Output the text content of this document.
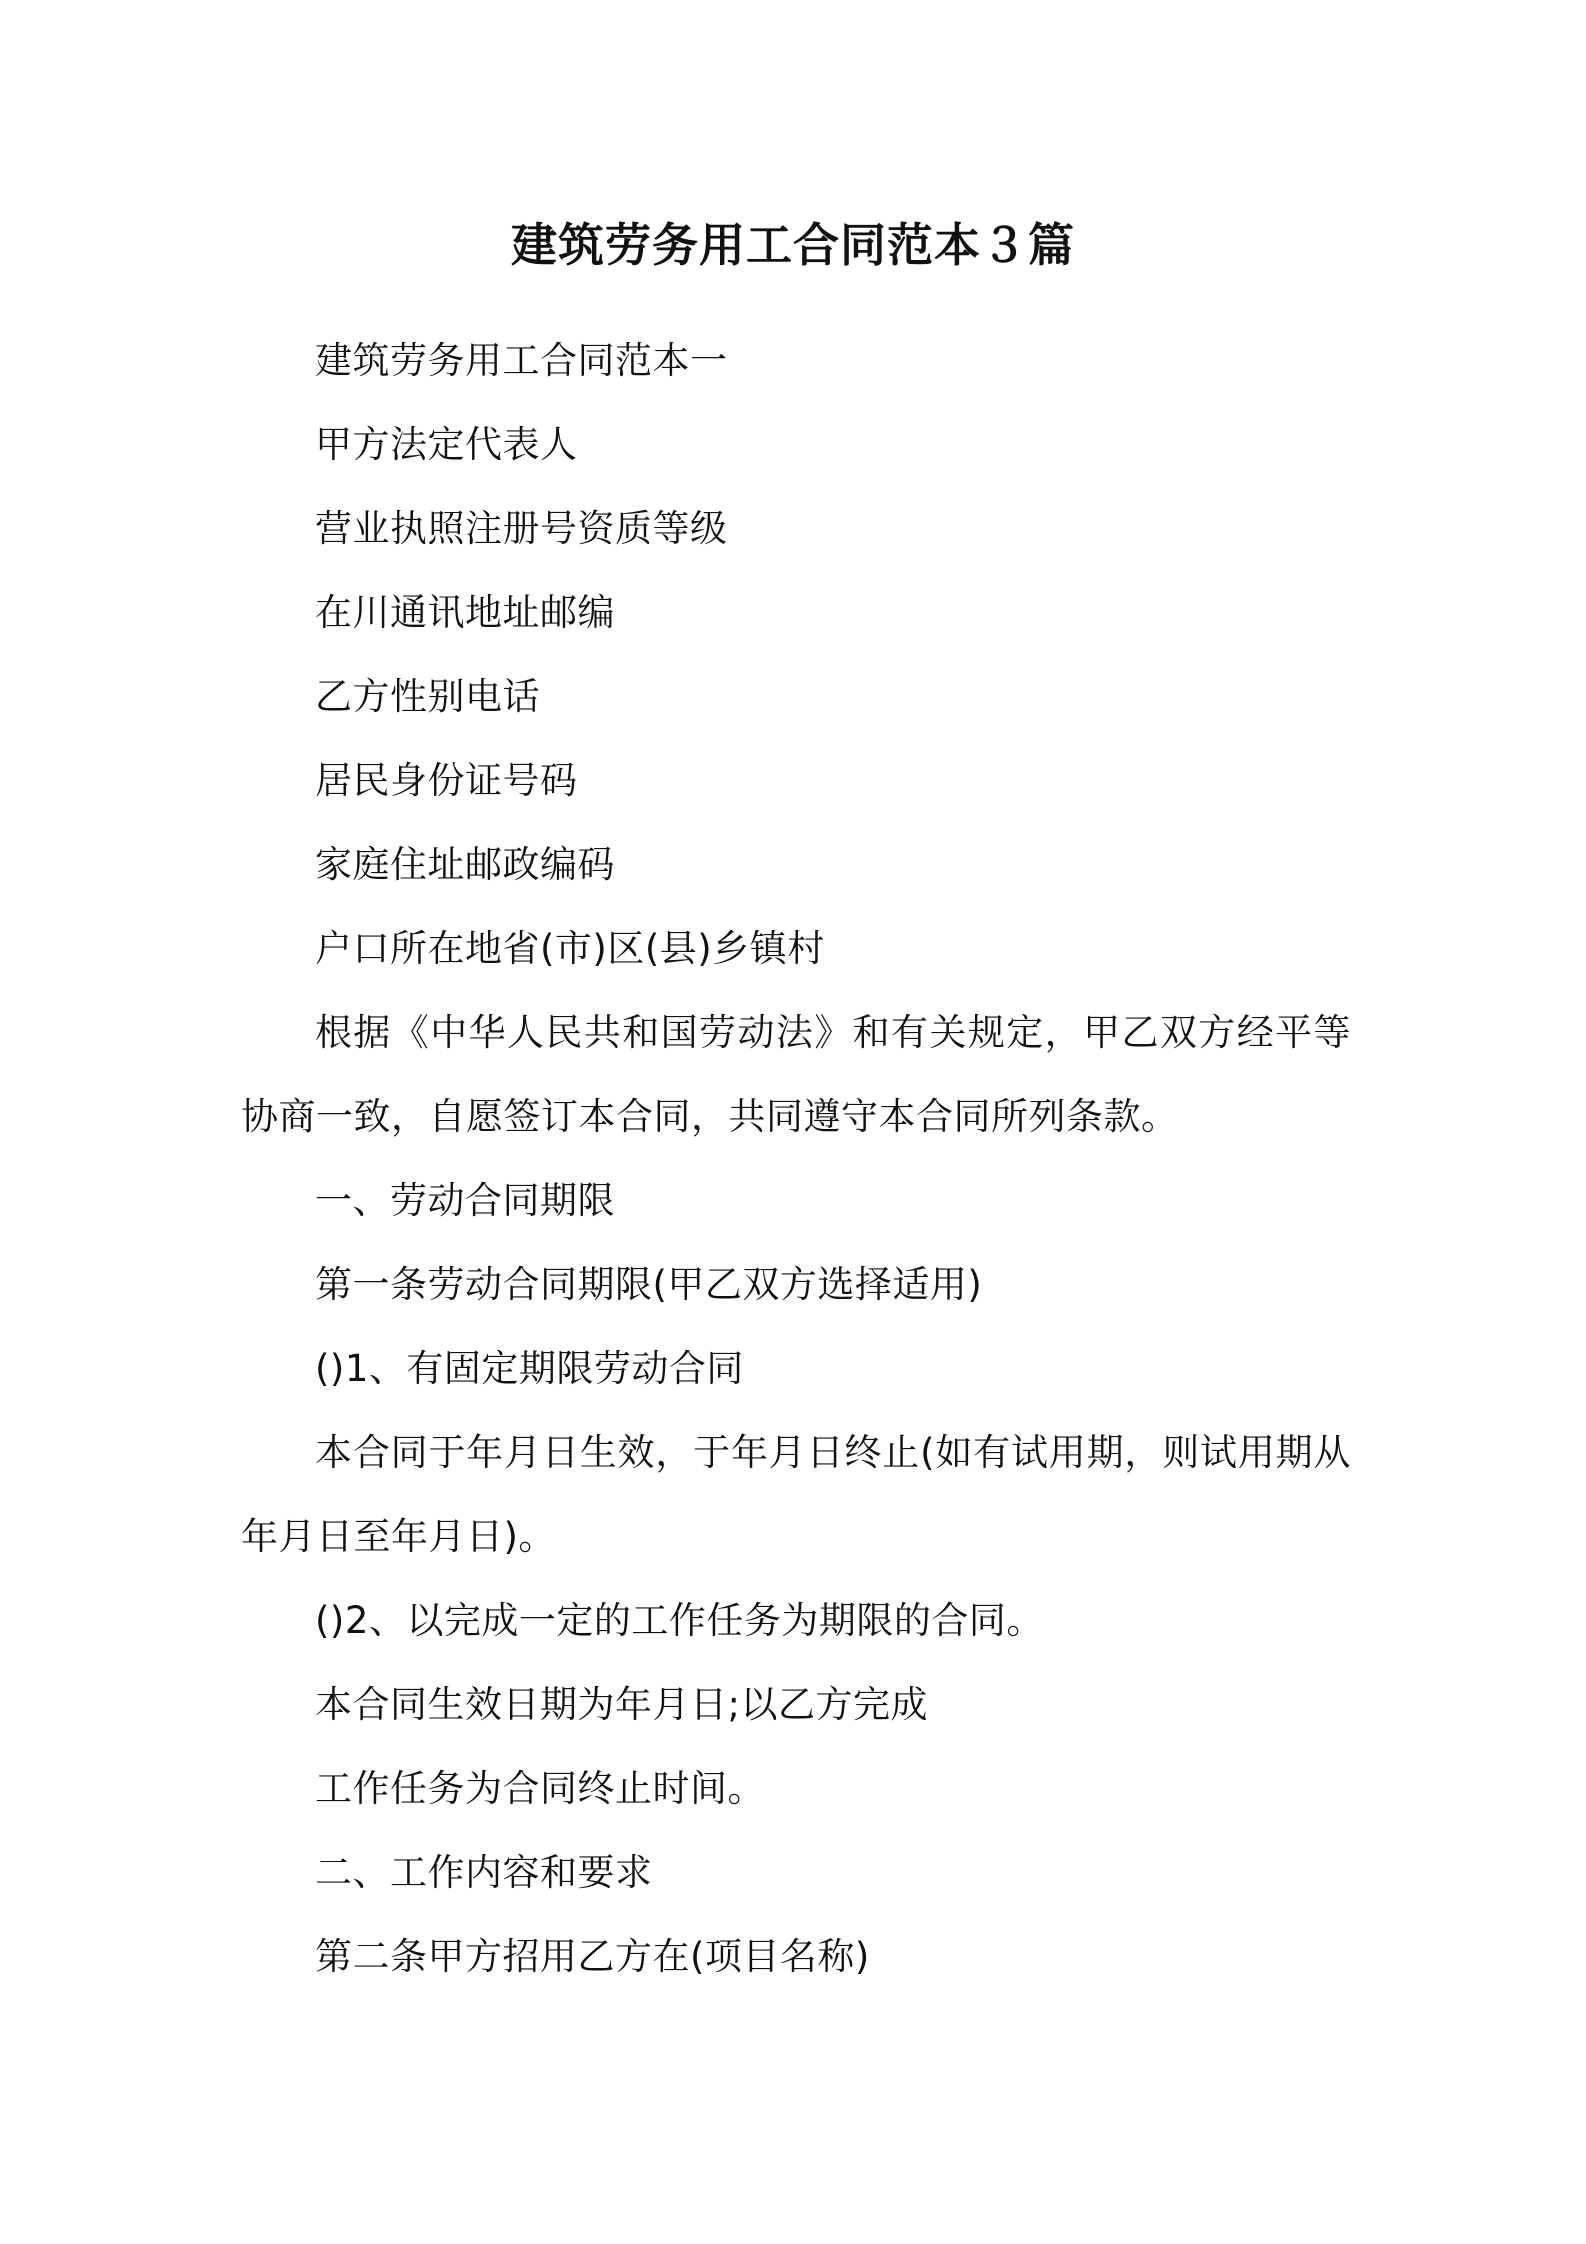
建筑劳务用工合同范本３篇

建筑劳务用工合同范本一

甲方法定代表人

营业执照注册号资质等级

在川通讯地址邮编

乙方性别电话

居民身份证号码

家庭住址邮政编码

户口所在地省(市)区(县)乡镇村

根据《中华人民共和国劳动法》和有关规定，甲乙双方经平等协商一致，自愿签订本合同，共同遵守本合同所列条款。

一、劳动合同期限

第一条劳动合同期限(甲乙双方选择适用)

()1、有固定期限劳动合同

本合同于年月日生效，于年月日终止(如有试用期，则试用期从年月日至年月日)。

()2、以完成一定的工作任务为期限的合同。

本合同生效日期为年月日;以乙方完成

工作任务为合同终止时间。

二、工作内容和要求

第二条甲方招用乙方在(项目名称)
